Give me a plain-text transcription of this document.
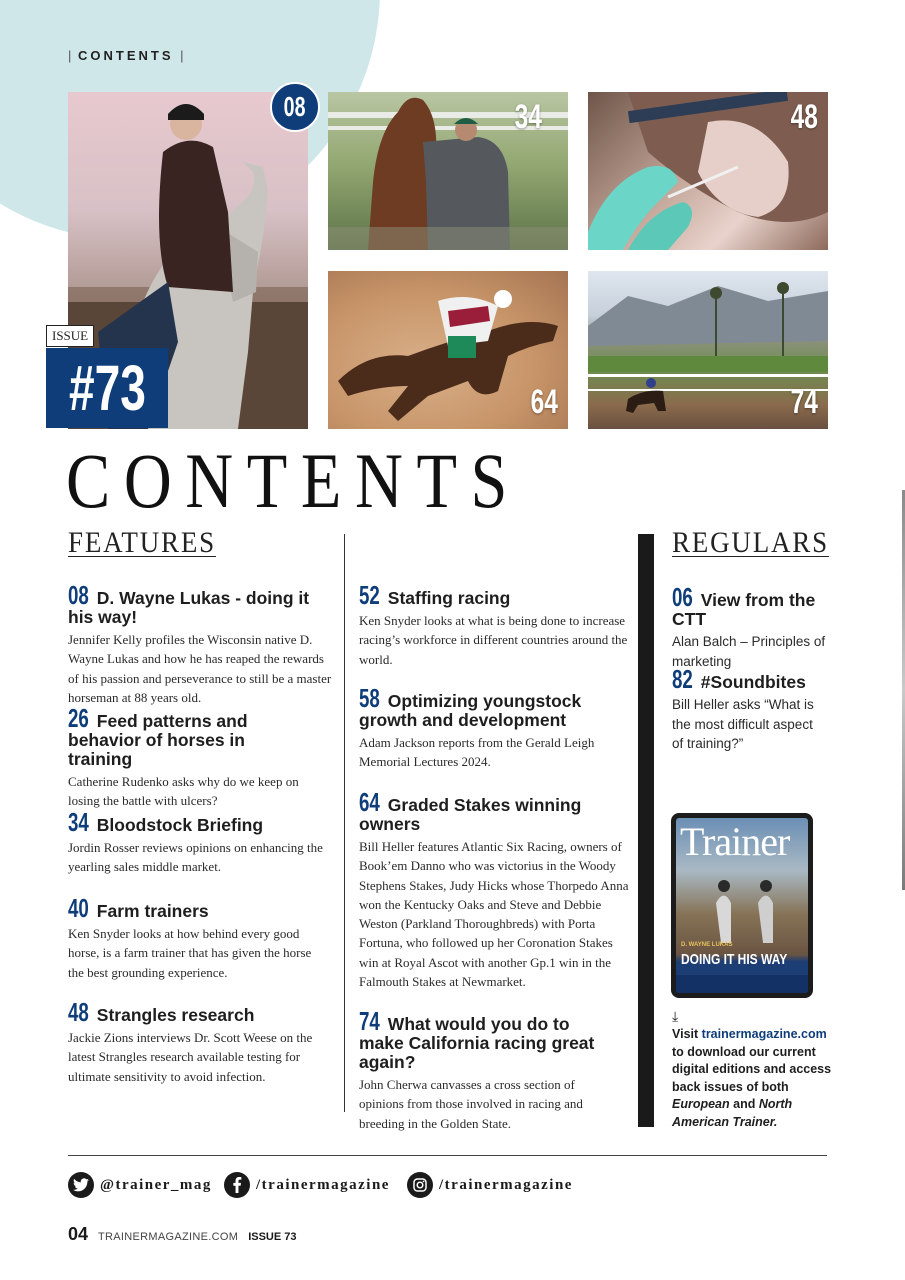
| CONTENTS |
08
ISSUE
#73
34	48
64	74
CONTENTS
FEATURES	REGULARS
08 D. Wayne Lukas - doing it his way!
Jennifer Kelly profiles the Wisconsin native D. Wayne Lukas and how he has reaped the rewards of his passion and perseverance to still be a master horseman at 88 years old.
26 Feed patterns and behavior of horses in training
Catherine Rudenko asks why do we keep on losing the battle with ulcers?
34 Bloodstock Briefing
Jordin Rosser reviews opinions on enhancing the yearling sales middle market.
40 Farm trainers
Ken Snyder looks at how behind every good horse, is a farm trainer that has given the horse the best grounding experience.
48 Strangles research
Jackie Zions interviews Dr. Scott Weese on the latest Strangles research available testing for ultimate sensitivity to avoid infection.
52 Staffing racing
Ken Snyder looks at what is being done to increase racing’s workforce in different countries around the world.
58 Optimizing youngstock growth and development
Adam Jackson reports from the Gerald Leigh Memorial Lectures 2024.
64 Graded Stakes winning owners
Bill Heller features Atlantic Six Racing, owners of Book’em Danno who was victorius in the Woody Stephens Stakes, Judy Hicks whose Thorpedo Anna won the Kentucky Oaks and Steve and Debbie Weston (Parkland Thoroughbreds) with Porta Fortuna, who followed up her Coronation Stakes win at Royal Ascot with another Gp.1 win in the Falmouth Stakes at Newmarket.
74 What would you do to make California racing great again?
John Cherwa canvasses a cross section of opinions from those involved in racing and breeding in the Golden State.
06 View from the CTT
Alan Balch – Principles of marketing
82 #Soundbites
Bill Heller asks “What is the most difficult aspect of training?”
Trainer
D. WAYNE LUKAS
DOING IT HIS WAY
⤓
Visit trainermagazine.com to download our current digital editions and access back issues of both European and North American Trainer.
@trainer_mag	/trainermagazine	/trainermagazine
04 TRAINERMAGAZINE.COM ISSUE 73
